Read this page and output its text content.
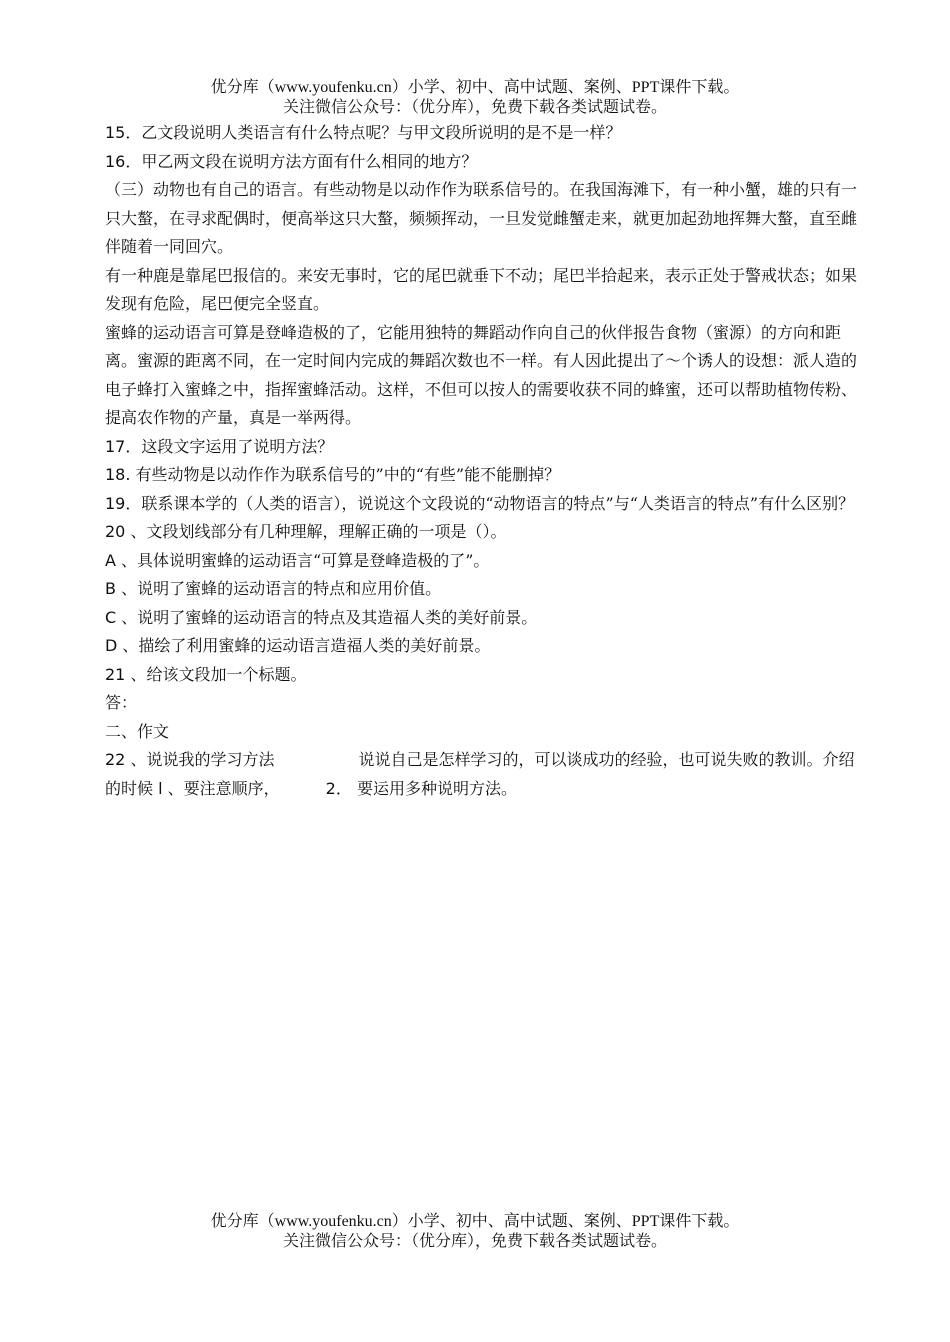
优分库（www.youfenku.cn）小学、初中、高中试题、案例、PPT课件下载。
关注微信公众号：（优分库），免费下载各类试题试卷。

15．乙文段说明人类语言有什么特点呢？与甲文段所说明的是不是一样？

16．甲乙两文段在说明方法方面有什么相同的地方？

（三）动物也有自己的语言。有些动物是以动作作为联系信号的。在我国海滩下，有一种小蟹，雄的只有一只大螯，在寻求配偶时，便高举这只大螯，频频挥动，一旦发觉雌蟹走来，就更加起劲地挥舞大螯，直至雌伴随着一同回穴。

有一种鹿是靠尾巴报信的。来安无事时，它的尾巴就垂下不动；尾巴半拾起来，表示正处于警戒状态；如果发现有危险，尾巴便完全竖直。

蜜蜂的运动语言可算是登峰造极的了，它能用独特的舞蹈动作向自己的伙伴报告食物（蜜源）的方向和距离。蜜源的距离不同，在一定时间内完成的舞蹈次数也不一样。有人因此提出了～个诱人的设想：派人造的电子蜂打入蜜蜂之中，指挥蜜蜂活动。这样，不但可以按人的需要收获不同的蜂蜜，还可以帮助植物传粉、提高农作物的产量，真是一举两得。

17．这段文字运用了说明方法？

18. 有些动物是以动作作为联系信号的”中的“有些”能不能删掉？

19．联系课本学的（人类的语言），说说这个文段说的“动物语言的特点”与“人类语言的特点”有什么区别？

20 、文段划线部分有几种理解，理解正确的一项是（）。

A 、具体说明蜜蜂的运动语言“可算是登峰造极的了”。

B 、说明了蜜蜂的运动语言的特点和应用价值。

C 、说明了蜜蜂的运动语言的特点及其造福人类的美好前景。

D 、描绘了利用蜜蜂的运动语言造福人类的美好前景。

21 、给该文段加一个标题。

答：

二、作文

22 、说说我的学习方法	说说自己是怎样学习的，可以谈成功的经验，也可说失败的教训。介绍的时候 l 、要注意顺序，	2． 要运用多种说明方法。

优分库（www.youfenku.cn）小学、初中、高中试题、案例、PPT课件下载。
关注微信公众号：（优分库），免费下载各类试题试卷。
